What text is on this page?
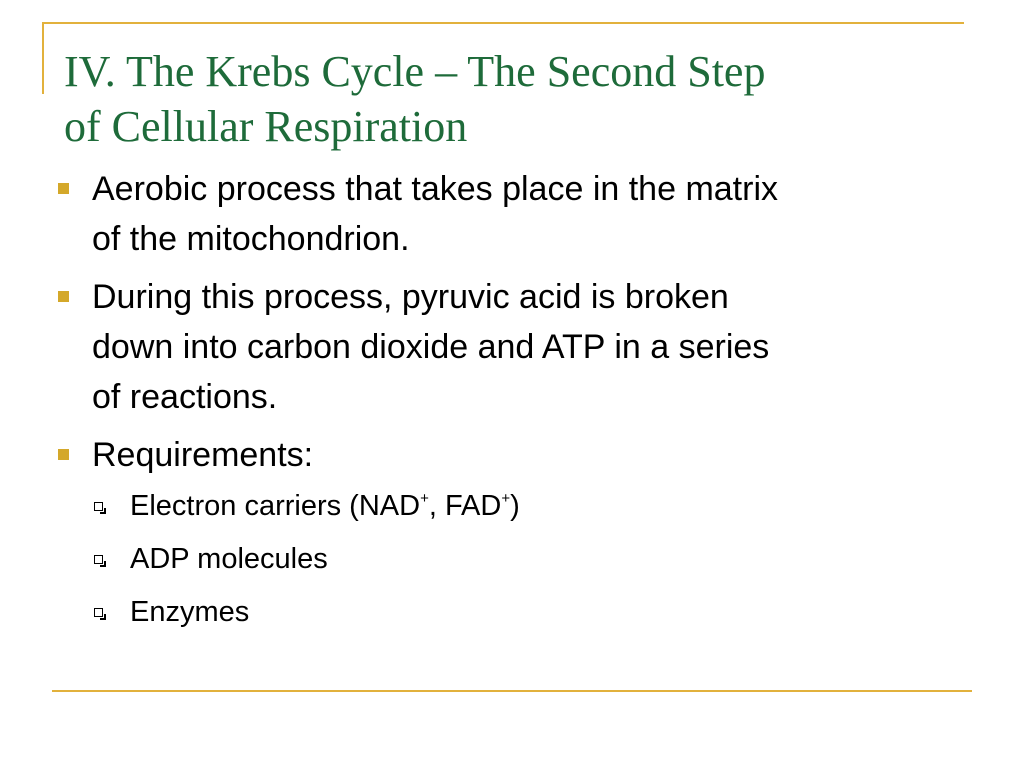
IV. The Krebs Cycle – The Second Step
of Cellular Respiration
Aerobic process that takes place in the matrix
of the mitochondrion.
During this process, pyruvic acid is broken
down into carbon dioxide and ATP in a series
of reactions.
Requirements:
Electron carriers (NAD+, FAD+)
ADP molecules
Enzymes
